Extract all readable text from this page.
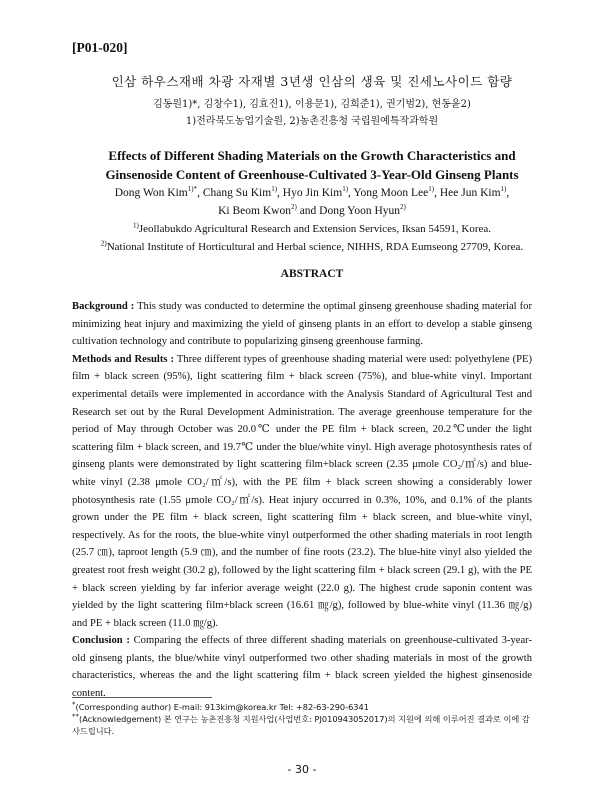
[P01-020]
인삼 하우스재배 차광 자재별 3년생 인삼의 생육 및 진세노사이드 함량
김동원1)*, 김창수1), 김효진1), 이용문1), 김희준1), 권기범2), 현동윤2)
1)전라북도농업기술원, 2)농촌진흥청 국립원예특작과학원
Effects of Different Shading Materials on the Growth Characteristics and
Ginsenoside Content of Greenhouse-Cultivated 3-Year-Old Ginseng Plants
Dong Won Kim$^{1)*}$, Chang Su Kim$^{1)}$, Hyo Jin Kim$^{1)}$, Yong Moon Lee$^{1)}$, Hee Jun Kim$^{1)}$,
Ki Beom Kwon$^{2)}$ and Dong Yoon Hyun$^{2)}$
$^{1)}$Jeollabukdo Agricultural Research and Extension Services, Iksan 54591, Korea.
$^{2)}$National Institute of Horticultural and Herbal science, NIHHS, RDA Eumseong 27709, Korea.
ABSTRACT

Background : This study was conducted to determine the optimal ginseng greenhouse shading material for minimizing heat injury and maximizing the yield of ginseng plants in an effort to develop a stable ginseng cultivation technology and contribute to popularizing ginseng greenhouse farming.

Methods and Results : Three different types of greenhouse shading material were used: polyethylene (PE) film + black screen (95%), light scattering film + black screen (75%), and blue-white vinyl. Important experimental details were implemented in accordance with the Analysis Standard of Agricultural Test and Research set out by the Rural Development Administration. The average greenhouse temperature for the period of May through October was 20.0℃ under the PE film + black screen, 20.2℃under the light scattering film + black screen, and 19.7℃ under the blue/white vinyl. High average photosynthesis rates of ginseng plants were demonstrated by light scattering film+black screen (2.35 μmole CO₂/㎡/s) and blue-white vinyl (2.38 μmole CO₂/㎡/s), with the PE film + black screen showing a considerably lower photosynthesis rate (1.55 μmole CO₂/㎡/s). Heat injury occurred in 0.3%, 10%, and 0.1% of the plants grown under the PE film + black screen, light scattering film + black screen, and blue-white vinyl, respectively. As for the roots, the blue-white vinyl outperformed the other shading materials in root length (25.7 ㎝), taproot length (5.9 ㎝), and the number of fine roots (23.2). The blue-hite vinyl also yielded the greatest root fresh weight (30.2 g), followed by the light scattering film + black screen (29.1 g), with the PE + black screen yielding by far inferior average weight (22.0 g). The highest crude saponin content was yielded by the light scattering film+black screen (16.61 ㎎/g), followed by blue-white vinyl (11.36 ㎎/g) and PE + black screen (11.0 ㎎/g).

Conclusion : Comparing the effects of three different shading materials on greenhouse-cultivated 3-year-old ginseng plants, the blue/white vinyl outperformed two other shading materials in most of the growth characteristics, whereas the and the light scattering film + black screen yielded the highest ginsenoside content.

*(Corresponding author) E-mail: 913kim@korea.kr Tel: +82-63-290-6341
**(Acknowledgement) 본 연구는 농촌진흥청 지원사업(사업번호: PJ010943052017)의 지원에 의해 이루어진 결과로 이에 감사드립니다.
- 30 -
